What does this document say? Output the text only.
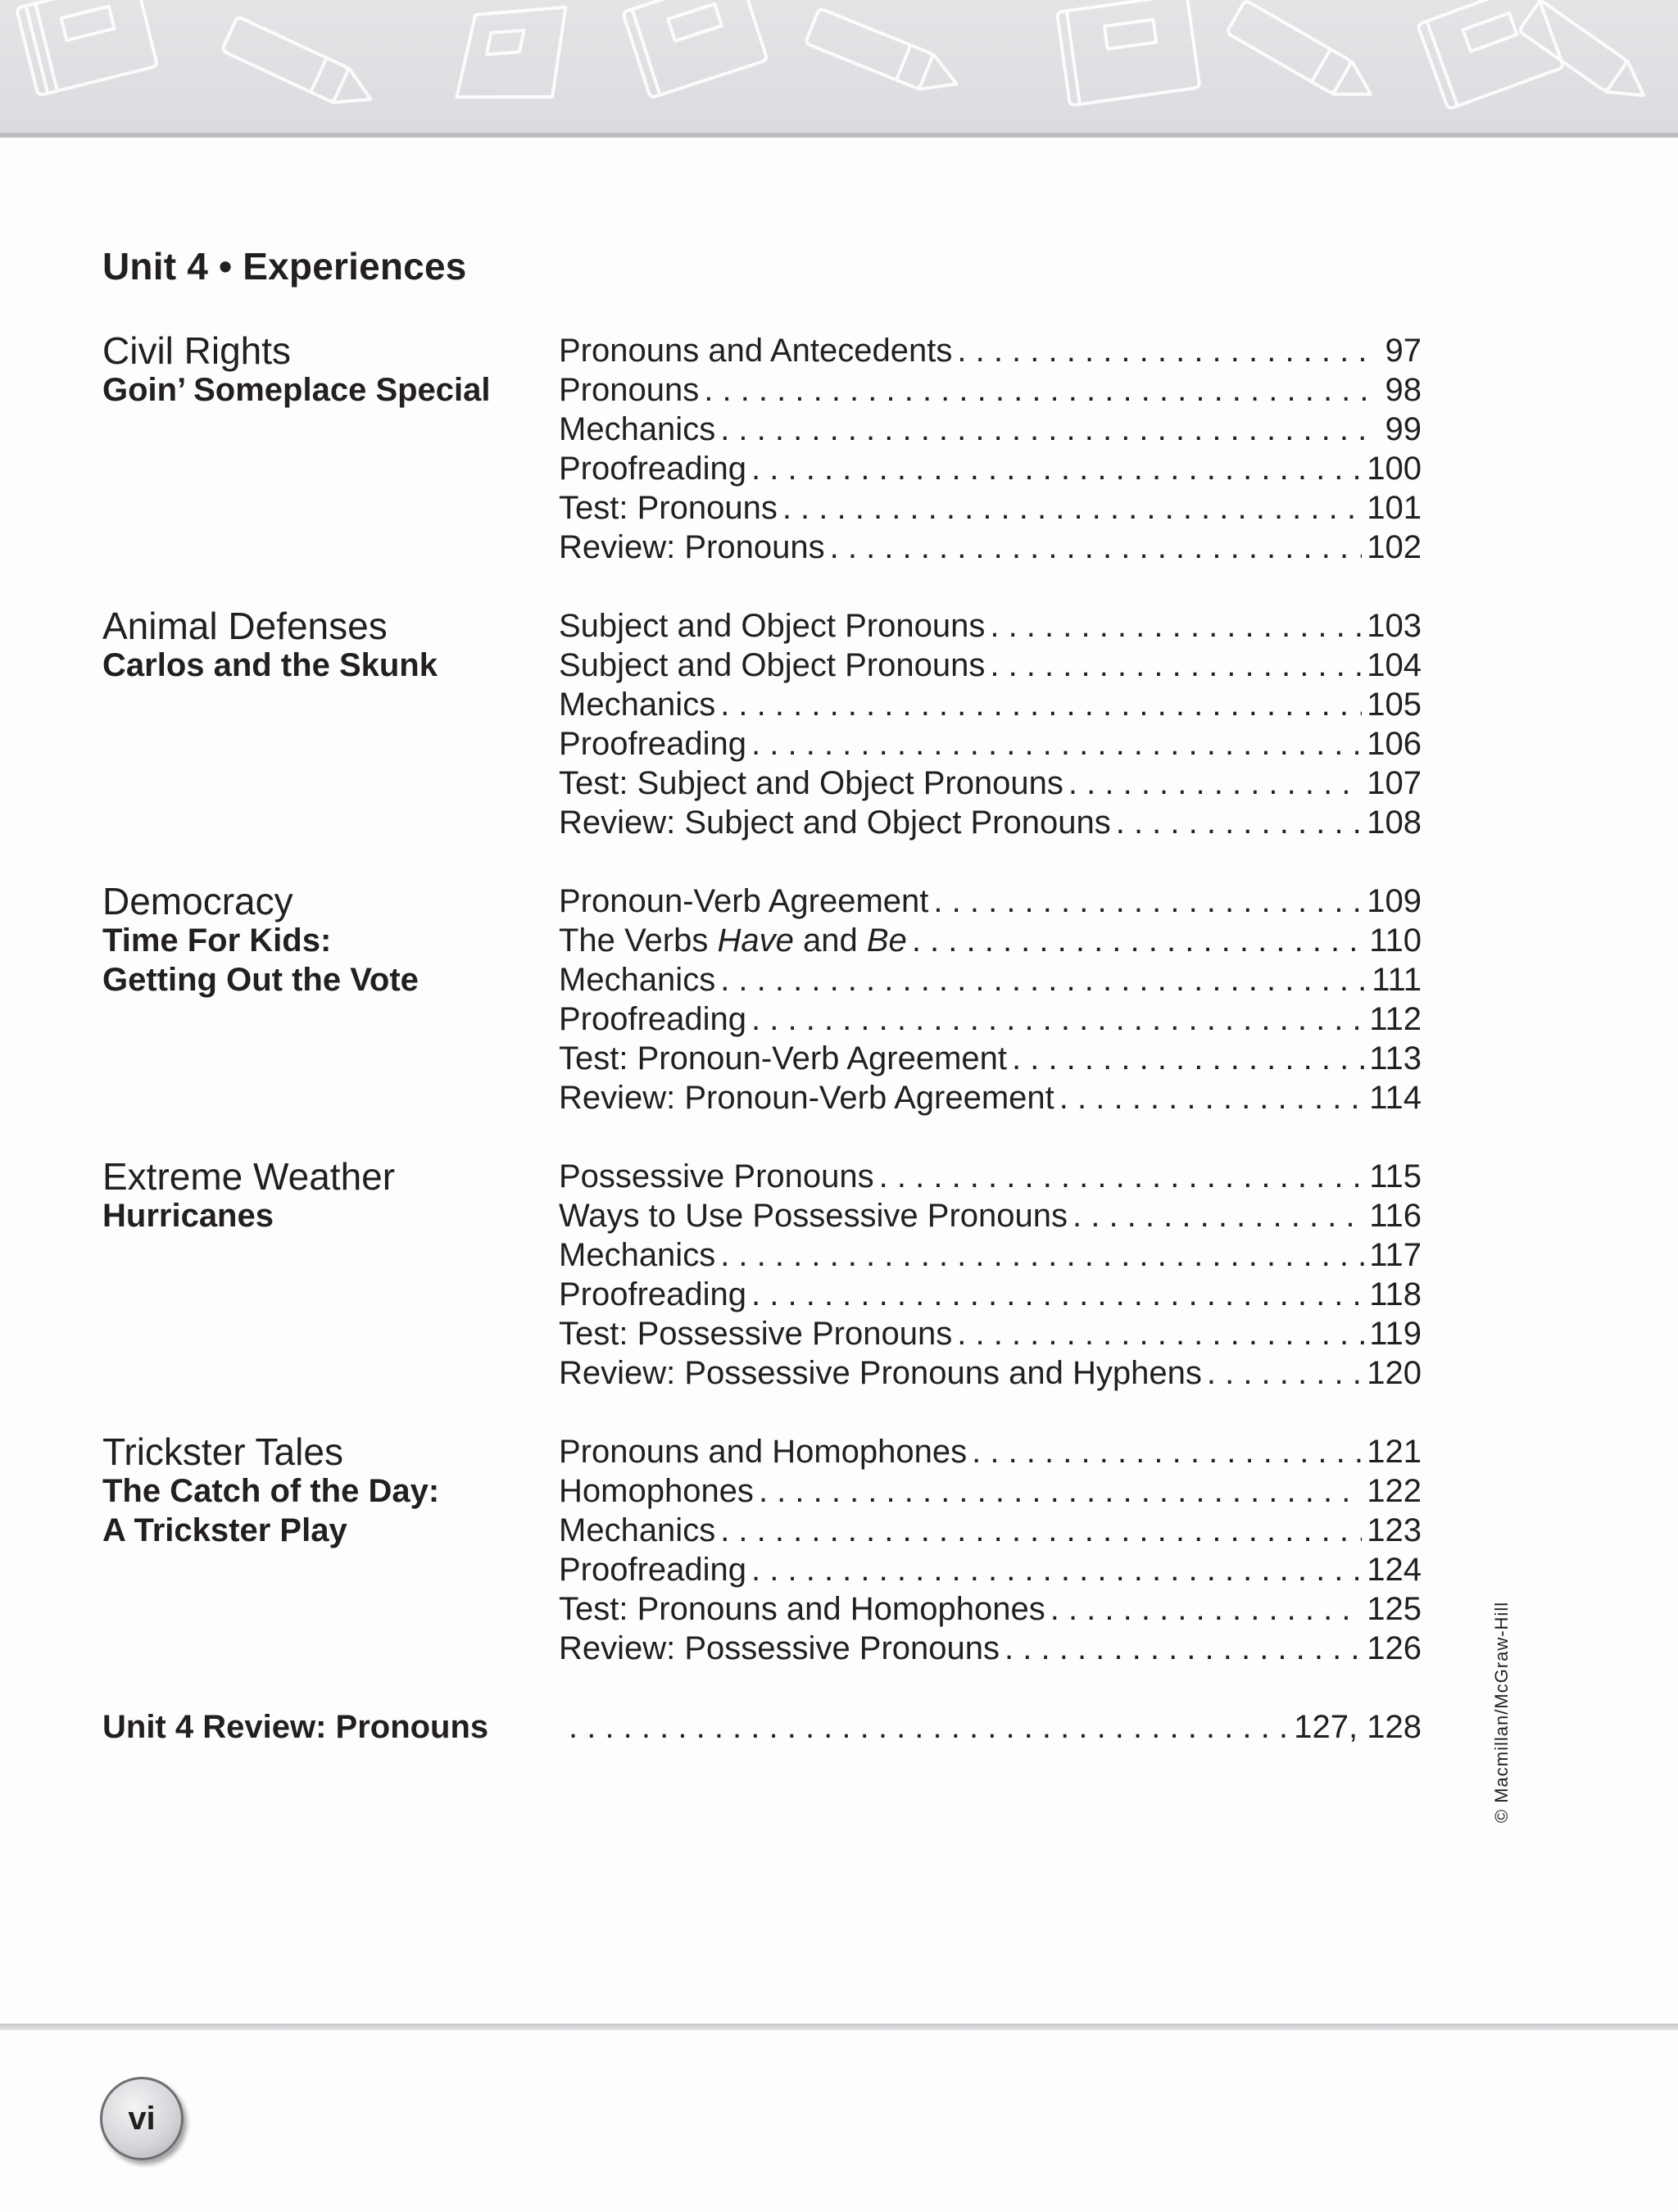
Unit 4 • Experiences
Civil Rights
Goin’ Someplace Special
Pronouns and Antecedents . . .	97
Pronouns . . .	98
Mechanics . . .	99
Proofreading . . .	100
Test: Pronouns . . .	101
Review: Pronouns . . .	102
Animal Defenses
Carlos and the Skunk
Subject and Object Pronouns . . .	103
Subject and Object Pronouns . . .	104
Mechanics . . .	105
Proofreading . . .	106
Test: Subject and Object Pronouns . . .	107
Review: Subject and Object Pronouns . . .	108
Democracy
Time For Kids:
Getting Out the Vote
Pronoun-Verb Agreement . . .	109
The Verbs Have and Be . . .	110
Mechanics . . .	111
Proofreading . . .	112
Test: Pronoun-Verb Agreement . . .	113
Review: Pronoun-Verb Agreement . . .	114
Extreme Weather
Hurricanes
Possessive Pronouns . . .	115
Ways to Use Possessive Pronouns . . .	116
Mechanics . . .	117
Proofreading . . .	118
Test: Possessive Pronouns . . .	119
Review: Possessive Pronouns and Hyphens . . .	120
Trickster Tales
The Catch of the Day:
A Trickster Play
Pronouns and Homophones . . .	121
Homophones . . .	122
Mechanics . . .	123
Proofreading . . .	124
Test: Pronouns and Homophones . . .	125
Review: Possessive Pronouns . . .	126
Unit 4 Review: Pronouns . . .	127, 128	© Macmillan/McGraw-Hill
vi
